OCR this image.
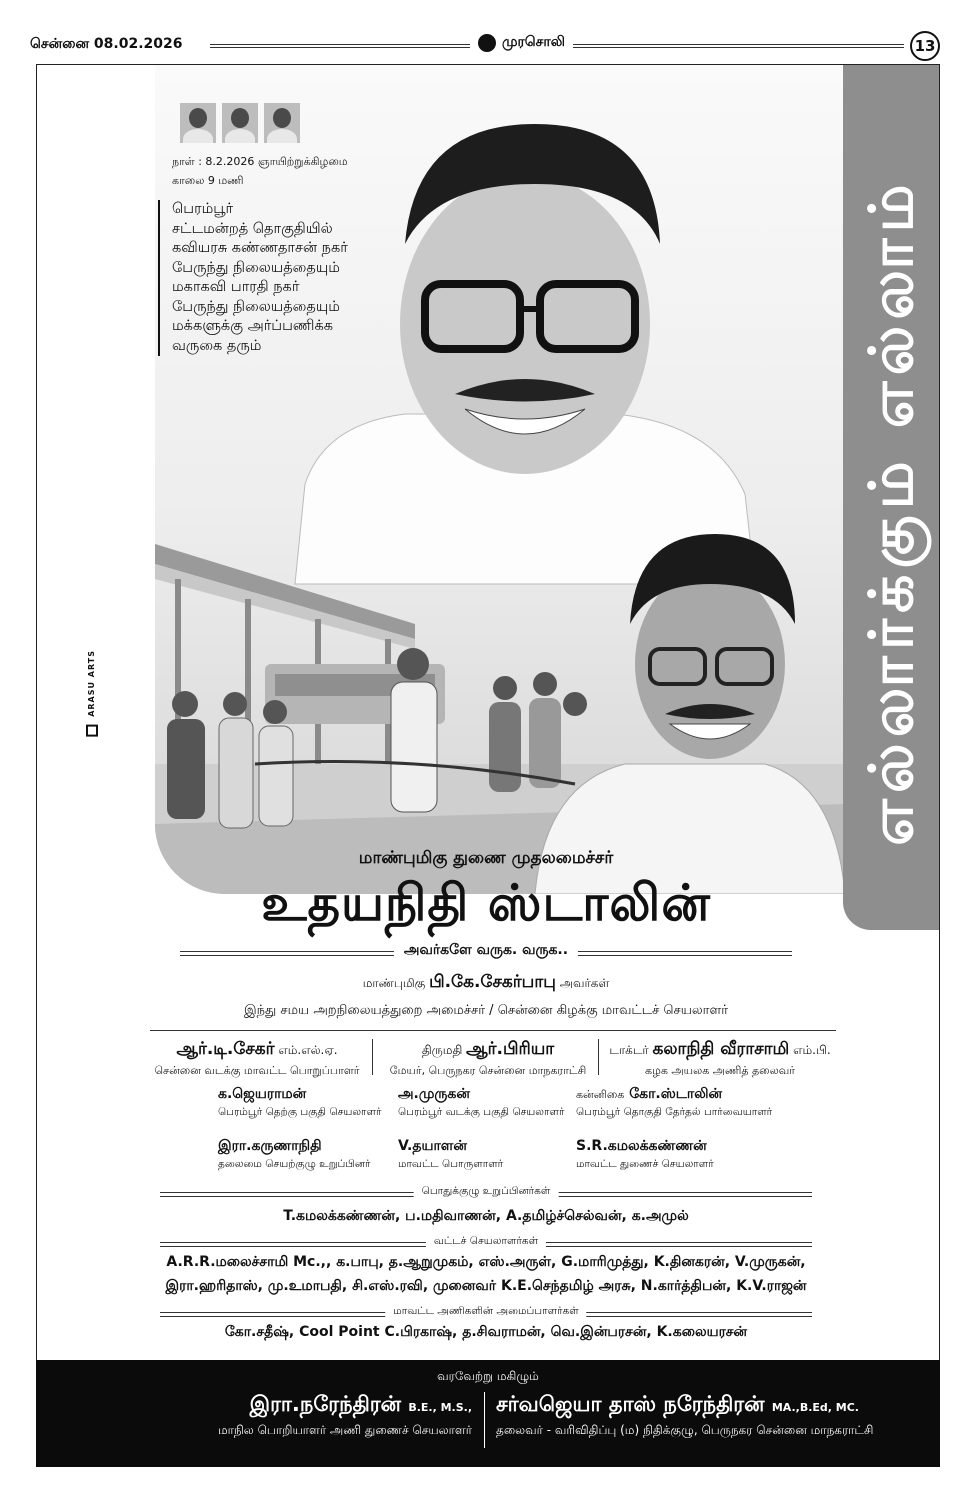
சென்னை 08.02.2026	முரசொலி	13
எல்லார்க்கும் எல்லாம்
நாள் : 8.2.2026 ஞாயிற்றுக்கிழமை
காலை 9 மணி
பெரம்பூர்
சட்டமன்றத் தொகுதியில்
கவியரசு கண்ணதாசன் நகர்
பேருந்து நிலையத்தையும்
மகாகவி பாரதி நகர்
பேருந்து நிலையத்தையும்
மக்களுக்கு அர்ப்பணிக்க
வருகை தரும்
ARASU ARTS
மாண்புமிகு துணை முதலமைச்சர்
உதயநிதி ஸ்டாலின்
அவர்களே வருக. வருக..
மாண்புமிகு பி.கே.சேகர்பாபு அவர்கள்
இந்து சமய அறநிலையத்துறை அமைச்சர் / சென்னை கிழக்கு மாவட்டச் செயலாளர்
ஆர்.டி.சேகர் எம்.எல்.ஏ.
சென்னை வடக்கு மாவட்ட பொறுப்பாளர்
திருமதி ஆர்.பிரியா
மேயர், பெருநகர சென்னை மாநகராட்சி
டாக்டர் கலாநிதி வீராசாமி எம்.பி.
கழக அயலக அணித் தலைவர்
க.ஜெயராமன்
பெரம்பூர் தெற்கு பகுதி செயலாளர்
அ.முருகன்
பெரம்பூர் வடக்கு பகுதி செயலாளர்
கன்னிகை கோ.ஸ்டாலின்
பெரம்பூர் தொகுதி தேர்தல் பார்வையாளர்
இரா.கருணாநிதி
தலைமை செயற்குழு உறுப்பினர்
V.தயாளன்
மாவட்ட பொருளாளர்
S.R.கமலக்கண்ணன்
மாவட்ட துணைச் செயலாளர்
பொதுக்குழு உறுப்பினர்கள்
T.கமலக்கண்ணன், ப.மதிவாணன், A.தமிழ்ச்செல்வன், க.அமுல்
வட்டச் செயலாளர்கள்
A.R.R.மலைச்சாமி Mc.,, க.பாபு, த.ஆறுமுகம், எஸ்.அருள், G.மாரிமுத்து, K.தினகரன், V.முருகன்,
இரா.ஹரிதாஸ், மு.உமாபதி, சி.எஸ்.ரவி, முனைவர் K.E.செந்தமிழ் அரசு, N.கார்த்திபன், K.V.ராஜன்
மாவட்ட அணிகளின் அமைப்பாளர்கள்
கோ.சதீஷ், Cool Point C.பிரகாஷ், த.சிவராமன், வெ.இன்பரசன், K.கலையரசன்
வரவேற்று மகிழும்
இரா.நரேந்திரன் B.E., M.S.,
மாநில பொறியாளர் அணி துணைச் செயலாளர்
சர்வஜெயா தாஸ் நரேந்திரன் MA.,B.Ed, MC.
தலைவர் - வரிவிதிப்பு (ம) நிதிக்குழு, பெருநகர சென்னை மாநகராட்சி
